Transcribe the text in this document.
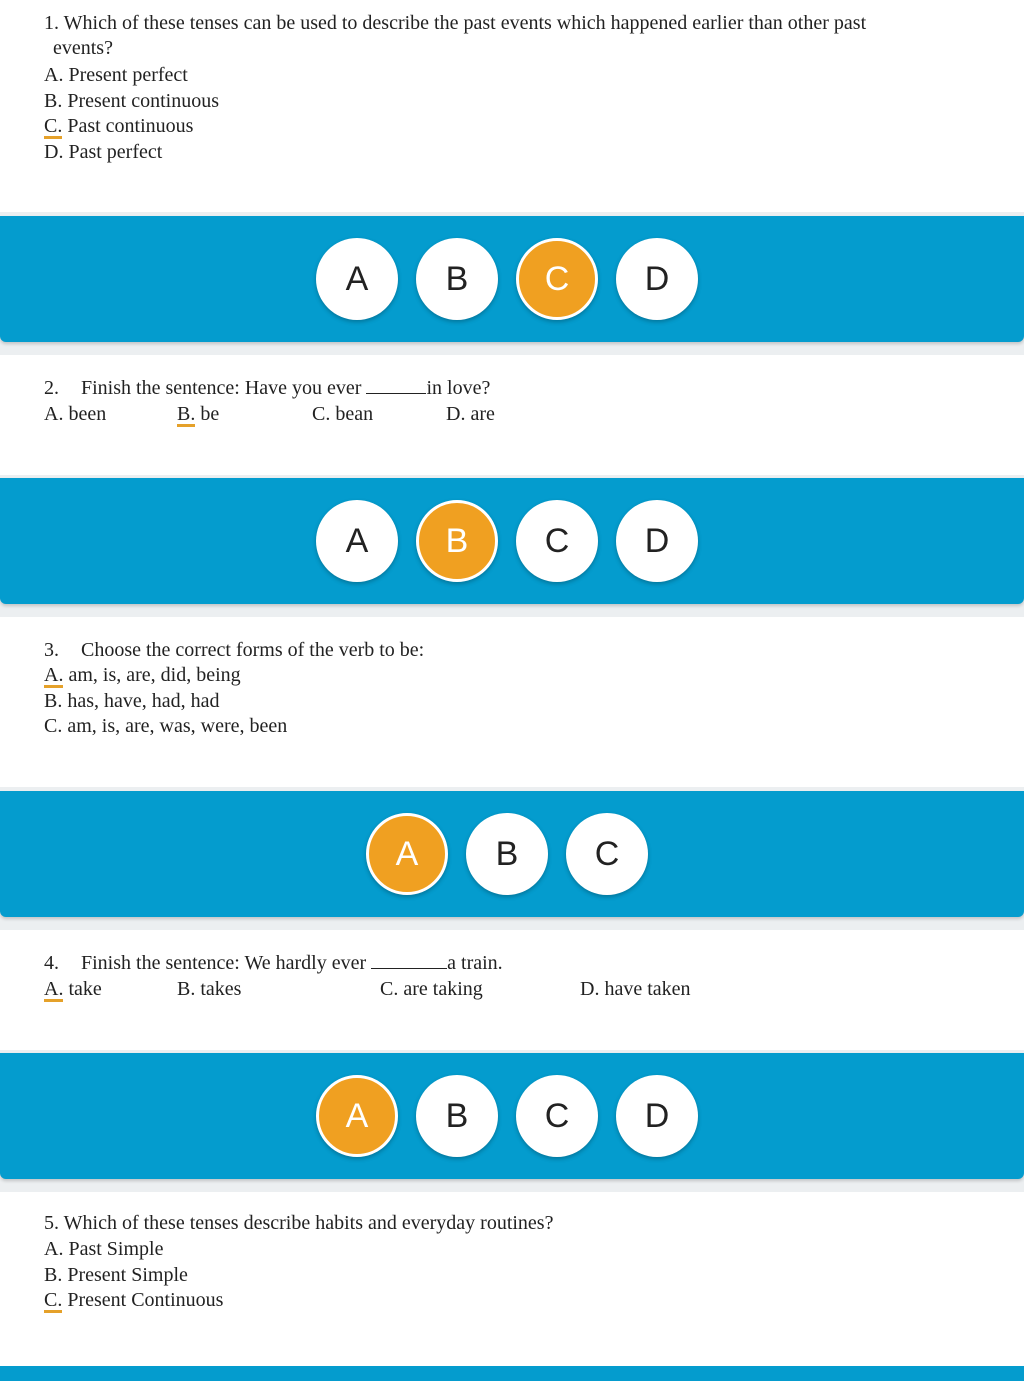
1. Which of these tenses can be used to describe the past events which happened earlier than other past
events?
A. Present perfect
B. Present continuous
C. Past continuous
D. Past perfect
A	B	C	D
2. Finish the sentence: Have you ever	in love?
A. been	B. be	C. bean	D. are
A	B	C	D
3. Choose the correct forms of the verb to be:
A. am, is, are, did, being
B. has, have, had, had
C. am, is, are, was, were, been
A	B	C
4. Finish the sentence: We hardly ever	a train.
A. take	B. takes	C. are taking	D. have taken
A	B	C	D
5. Which of these tenses describe habits and everyday routines?
A. Past Simple
B. Present Simple
C. Present Continuous
